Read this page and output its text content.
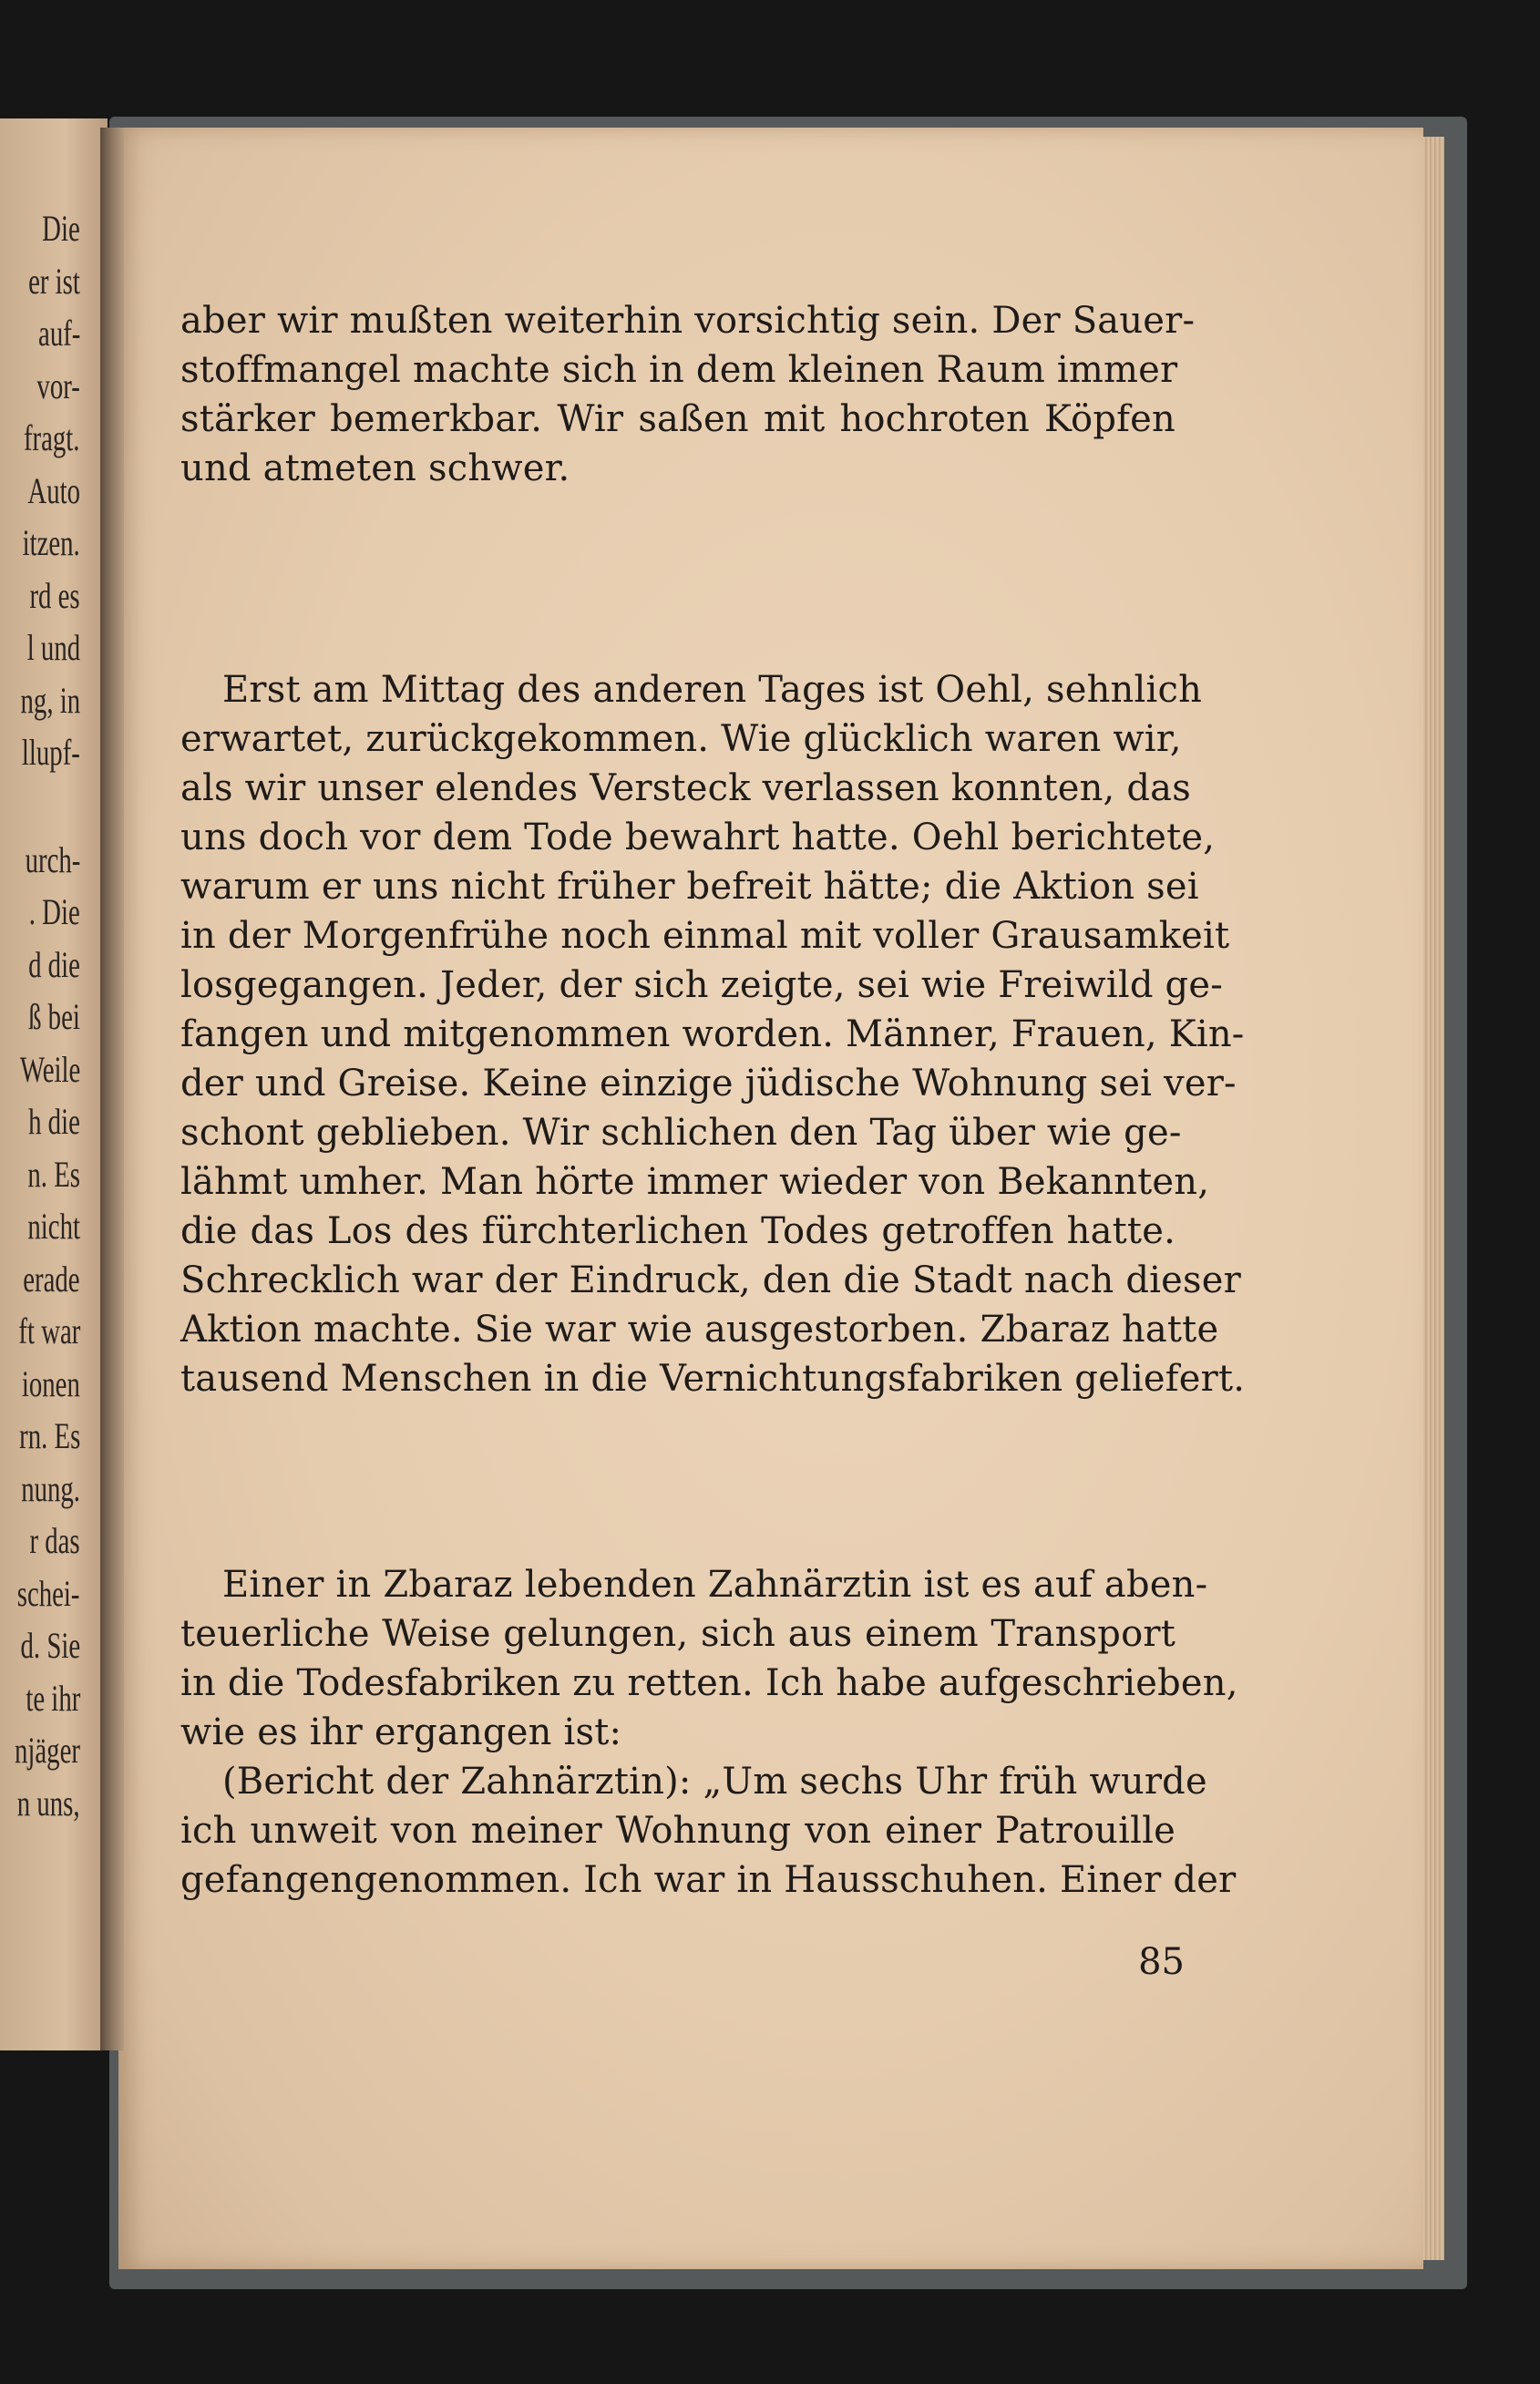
Die
er ist
auf-
vor-
fragt.
Auto
itzen.
rd es
l und
ng, in
llupf-
urch-
. Die
d die
ß bei
Weile
h die
n. Es
nicht
erade
ft war
ionen
rn. Es
nung.
r das
schei-
d. Sie
te ihr
njäger
n uns,
aber wir mußten weiterhin vorsichtig sein. Der Sauer-
stoffmangel machte sich in dem kleinen Raum immer
stärker bemerkbar. Wir saßen mit hochroten Köpfen
und atmeten schwer.
Erst am Mittag des anderen Tages ist Oehl, sehnlich
erwartet, zurückgekommen. Wie glücklich waren wir,
als wir unser elendes Versteck verlassen konnten, das
uns doch vor dem Tode bewahrt hatte. Oehl berichtete,
warum er uns nicht früher befreit hätte; die Aktion sei
in der Morgenfrühe noch einmal mit voller Grausamkeit
losgegangen. Jeder, der sich zeigte, sei wie Freiwild ge-
fangen und mitgenommen worden. Männer, Frauen, Kin-
der und Greise. Keine einzige jüdische Wohnung sei ver-
schont geblieben. Wir schlichen den Tag über wie ge-
lähmt umher. Man hörte immer wieder von Bekannten,
die das Los des fürchterlichen Todes getroffen hatte.
Schrecklich war der Eindruck, den die Stadt nach dieser
Aktion machte. Sie war wie ausgestorben. Zbaraz hatte
tausend Menschen in die Vernichtungsfabriken geliefert.
Einer in Zbaraz lebenden Zahnärztin ist es auf aben-
teuerliche Weise gelungen, sich aus einem Transport
in die Todesfabriken zu retten. Ich habe aufgeschrieben,
wie es ihr ergangen ist:
(Bericht der Zahnärztin): „Um sechs Uhr früh wurde
ich unweit von meiner Wohnung von einer Patrouille
gefangengenommen. Ich war in Hausschuhen. Einer der
85
